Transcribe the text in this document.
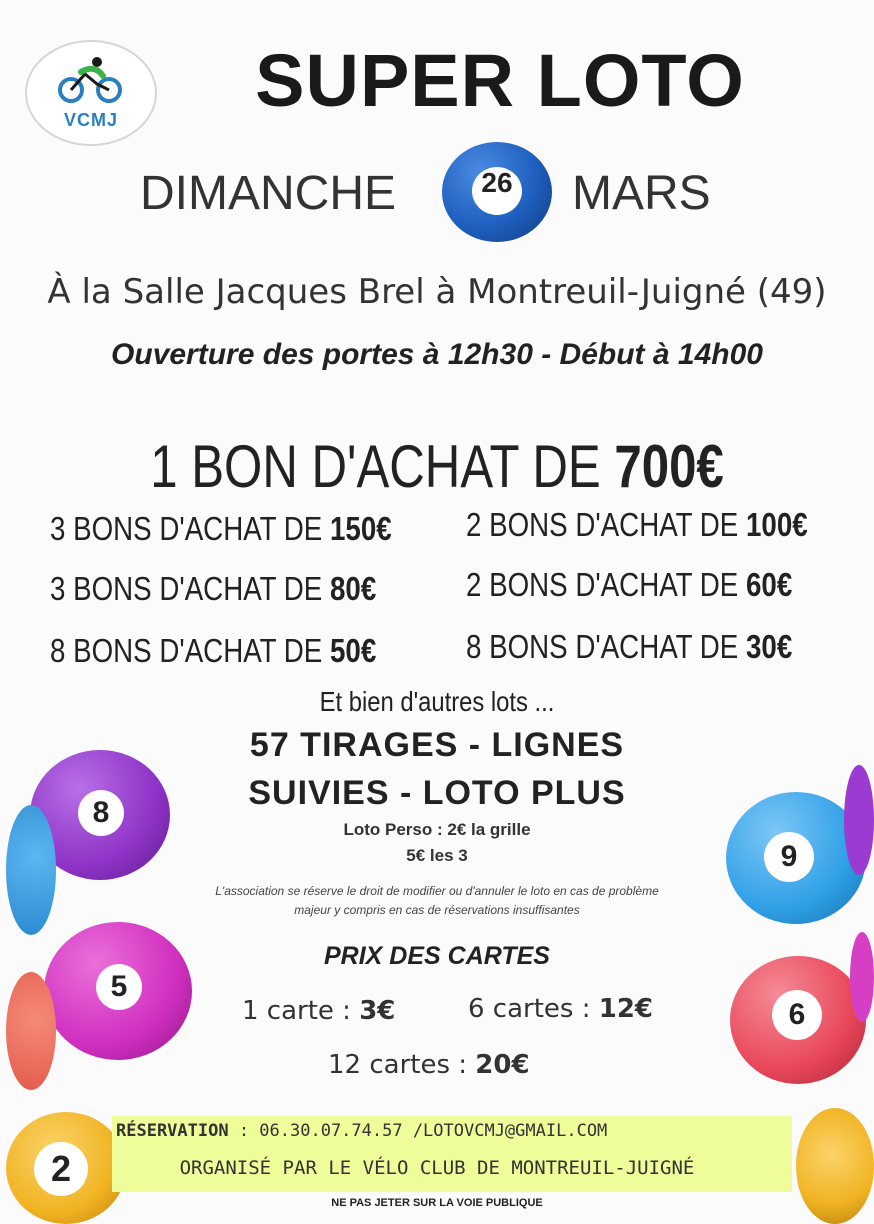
VCMJ	SUPER LOTO
DIMANCHE	26 MARS
À la Salle Jacques Brel à Montreuil-Juigné (49)
Ouverture des portes à 12h30 - Début à 14h00
1 BON D'ACHAT DE 700€
3 BONS D'ACHAT DE 150€ 2 BONS D'ACHAT DE 100€
3 BONS D'ACHAT DE 80€	2 BONS D'ACHAT DE 60€
8 BONS D'ACHAT DE 50€	8 BONS D'ACHAT DE 30€
Et bien d'autres lots ...
57 TIRAGES - LIGNES
SUIVIES - LOTO PLUS
Loto Perso : 2€ la grille
5€ les 3
L'association se réserve le droit de modifier ou d'annuler le loto en cas de problème
majeur y compris en cas de réservations insuffisantes
PRIX DES CARTES
1 carte : 3€	6 cartes : 12€
12 cartes : 20€
8
5
9
6
2
RÉSERVATION : 06.30.07.74.57 /LOTOVCMJ@GMAIL.COM
ORGANISÉ PAR LE VÉLO CLUB DE MONTREUIL-JUIGNÉ
NE PAS JETER SUR LA VOIE PUBLIQUE
